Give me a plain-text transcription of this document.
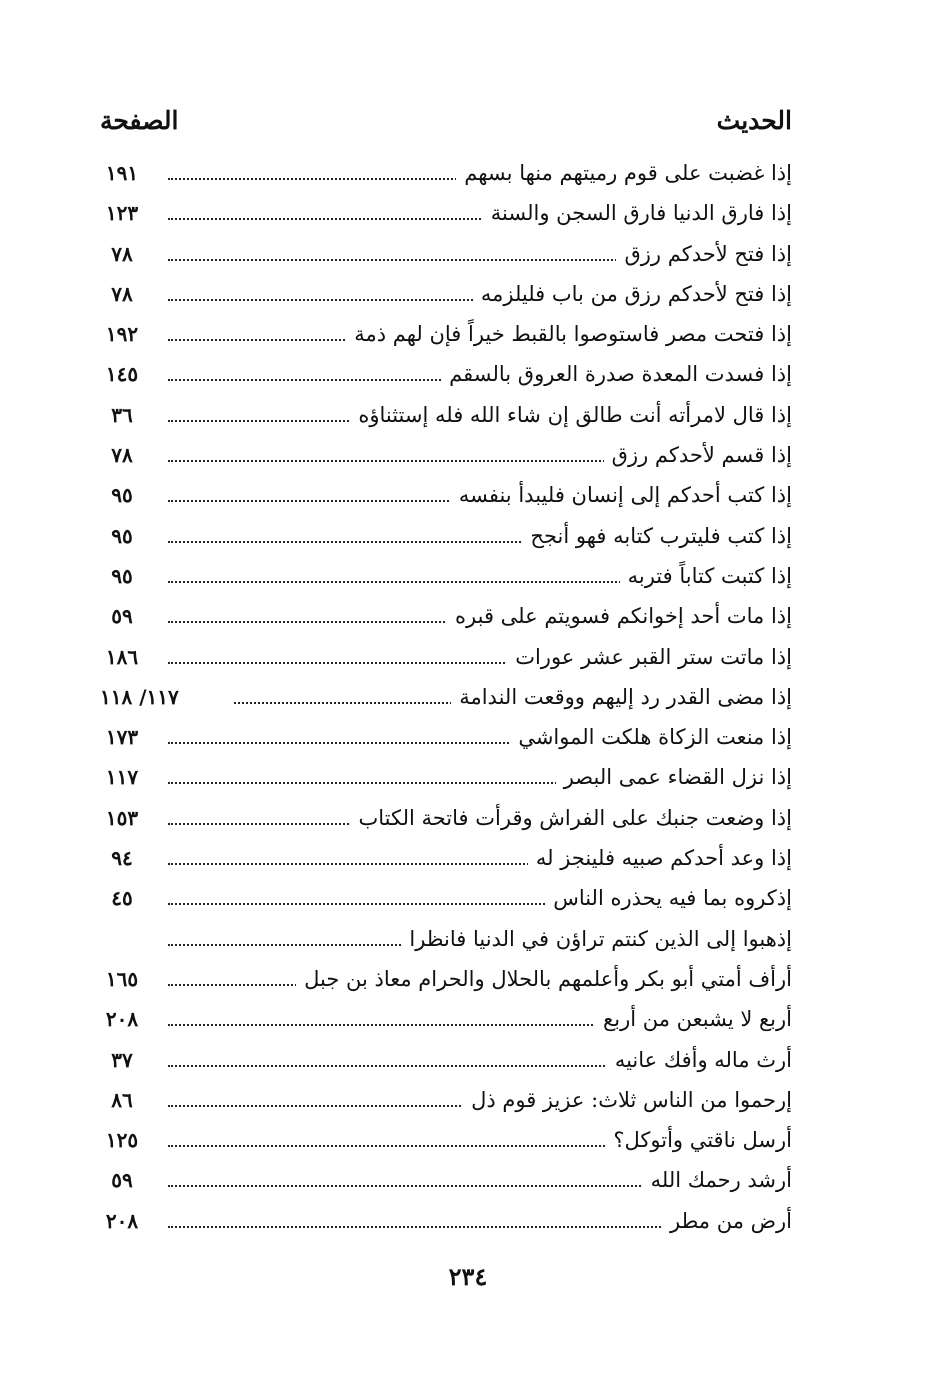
الحديث
الصفحة
إذا غضبت على قوم رميتهم منها بسهم
١٩١
إذا فارق الدنيا فارق السجن والسنة
١٢٣
إذا فتح لأحدكم رزق
٧٨
إذا فتح لأحدكم رزق من باب فليلزمه
٧٨
إذا فتحت مصر فاستوصوا بالقبط خيراً فإن لهم ذمة
١٩٢
إذا فسدت المعدة صدرة العروق بالسقم
١٤٥
إذا قال لامرأته أنت طالق إن شاء الله فله إستثناؤه
٣٦
إذا قسم لأحدكم رزق
٧٨
إذا كتب أحدكم إلى إنسان فليبدأ بنفسه
٩٥
إذا كتب فليترب كتابه فهو أنجح
٩٥
إذا كتبت كتاباً فتربه
٩٥
إذا مات أحد إخوانكم فسويتم على قبره
٥٩
إذا ماتت ستر القبر عشر عورات
١٨٦
إذا مضى القدر رد إليهم ووقعت الندامة
١١٧/ ١١٨
إذا منعت الزكاة هلكت المواشي
١٧٣
إذا نزل القضاء عمى البصر
١١٧
إذا وضعت جنبك على الفراش وقرأت فاتحة الكتاب
١٥٣
إذا وعد أحدكم صبيه فلينجز له
٩٤
إذكروه بما فيه يحذره الناس
٤٥
إذهبوا إلى الذين كنتم تراؤن في الدنيا فانظرا
أرأف أمتي أبو بكر وأعلمهم بالحلال والحرام معاذ بن جبل
١٦٥
أربع لا يشبعن من أربع
٢٠٨
أرث ماله وأفك عانيه
٣٧
إرحموا من الناس ثلاث: عزيز قوم ذل
٨٦
أرسل ناقتي وأتوكل؟
١٢٥
أرشد رحمك الله
٥٩
أرض من مطر
٢٠٨
٢٣٤
